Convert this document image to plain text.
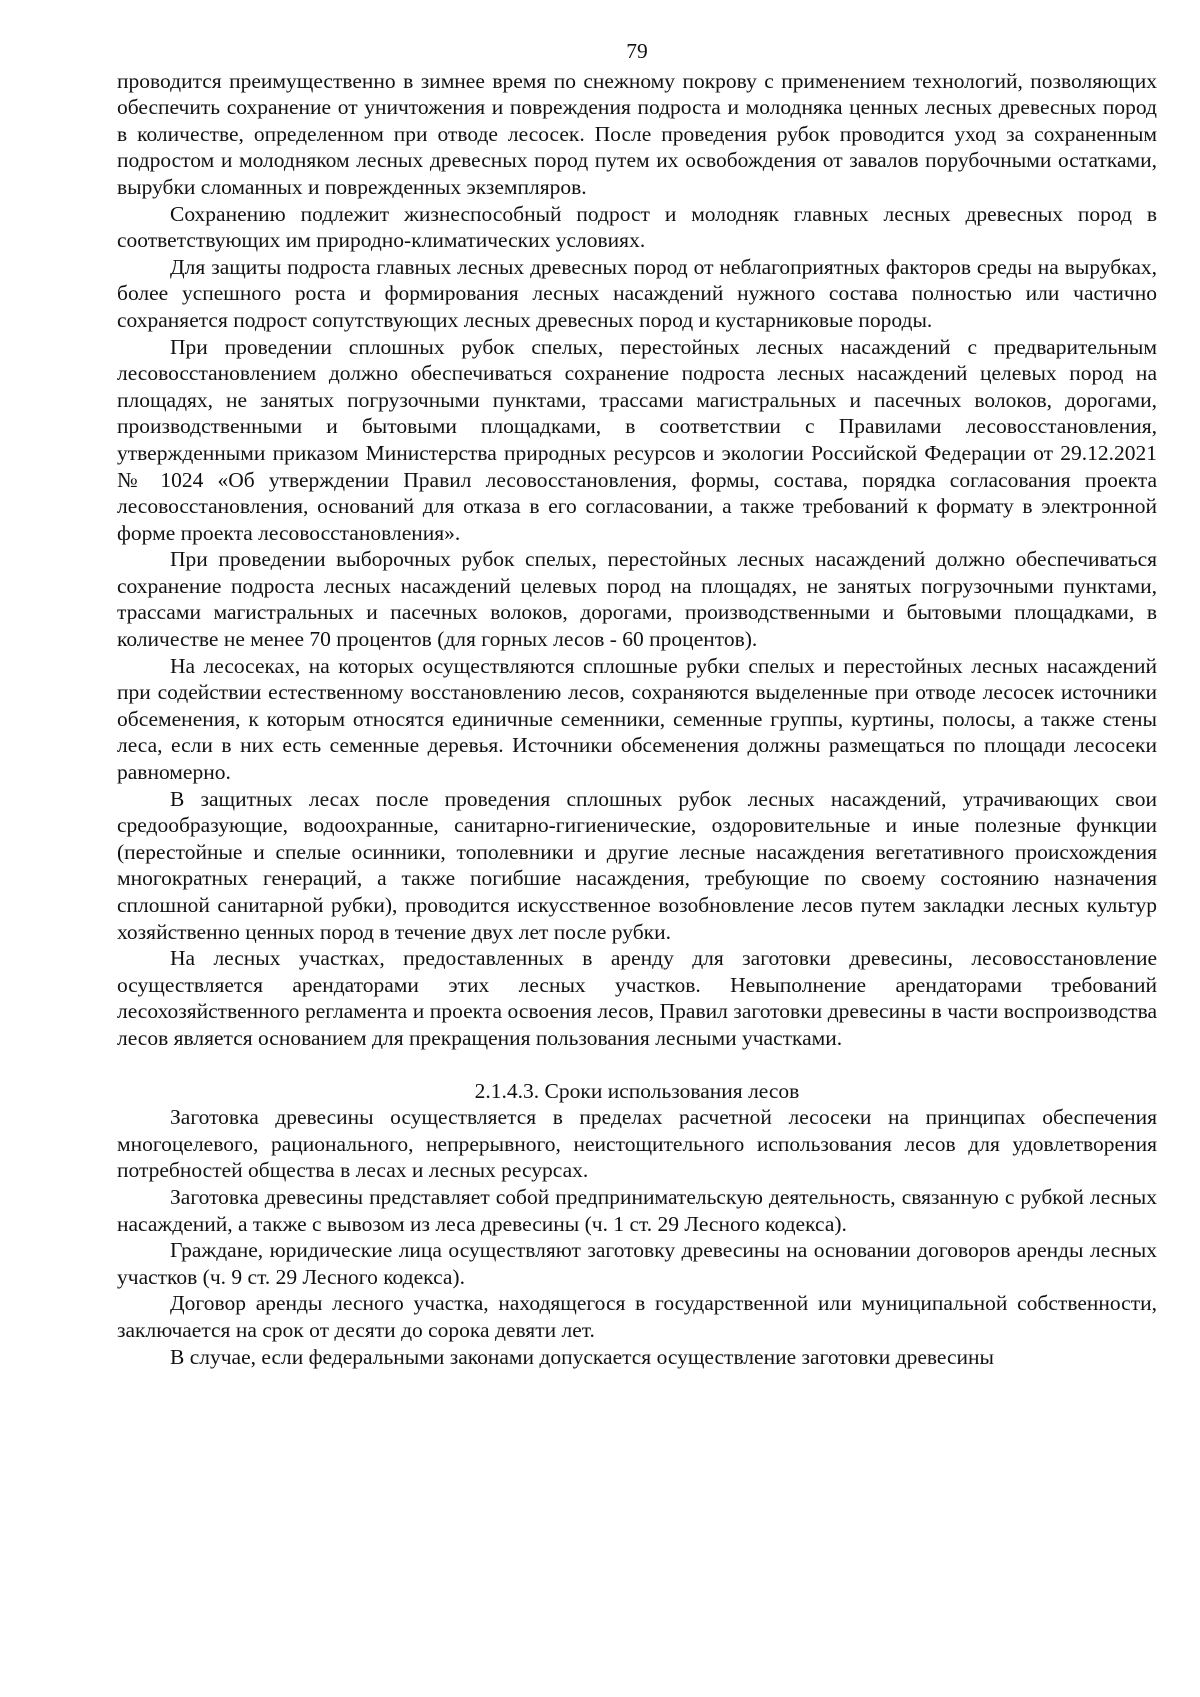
79

проводится преимущественно в зимнее время по снежному покрову с применением технологий, позволяющих обеспечить сохранение от уничтожения и повреждения подроста и молодняка ценных лесных древесных пород в количестве, определенном при отводе лесосек. После проведения рубок проводится уход за сохраненным подростом и молодняком лесных древесных пород путем их освобождения от завалов порубочными остатками, вырубки сломанных и поврежденных экземпляров.

Сохранению подлежит жизнеспособный подрост и молодняк главных лесных древесных пород в соответствующих им природно-климатических условиях.

Для защиты подроста главных лесных древесных пород от неблагоприятных факторов среды на вырубках, более успешного роста и формирования лесных насаждений нужного состава полностью или частично сохраняется подрост сопутствующих лесных древесных пород и кустарниковые породы.

При проведении сплошных рубок спелых, перестойных лесных насаждений с предварительным лесовосстановлением должно обеспечиваться сохранение подроста лесных насаждений целевых пород на площадях, не занятых погрузочными пунктами, трассами магистральных и пасечных волоков, дорогами, производственными и бытовыми площадками, в соответствии с Правилами лесовосстановления, утвержденными приказом Министерства природных ресурсов и экологии Российской Федерации от 29.12.2021 № 1024 «Об утверждении Правил лесовосстановления, формы, состава, порядка согласования проекта лесовосстановления, оснований для отказа в его согласовании, а также требований к формату в электронной форме проекта лесовосстановления».

При проведении выборочных рубок спелых, перестойных лесных насаждений должно обеспечиваться сохранение подроста лесных насаждений целевых пород на площадях, не занятых погрузочными пунктами, трассами магистральных и пасечных волоков, дорогами, производственными и бытовыми площадками, в количестве не менее 70 процентов (для горных лесов - 60 процентов).

На лесосеках, на которых осуществляются сплошные рубки спелых и перестойных лесных насаждений при содействии естественному восстановлению лесов, сохраняются выделенные при отводе лесосек источники обсеменения, к которым относятся единичные семенники, семенные группы, куртины, полосы, а также стены леса, если в них есть семенные деревья. Источники обсеменения должны размещаться по площади лесосеки равномерно.

В защитных лесах после проведения сплошных рубок лесных насаждений, утрачивающих свои средообразующие, водоохранные, санитарно-гигиенические, оздоровительные и иные полезные функции (перестойные и спелые осинники, тополевники и другие лесные насаждения вегетативного происхождения многократных генераций, а также погибшие насаждения, требующие по своему состоянию назначения сплошной санитарной рубки), проводится искусственное возобновление лесов путем закладки лесных культур хозяйственно ценных пород в течение двух лет после рубки.

На лесных участках, предоставленных в аренду для заготовки древесины, лесовосстановление осуществляется арендаторами этих лесных участков. Невыполнение арендаторами требований лесохозяйственного регламента и проекта освоения лесов, Правил заготовки древесины в части воспроизводства лесов является основанием для прекращения пользования лесными участками.

2.1.4.3. Сроки использования лесов

Заготовка древесины осуществляется в пределах расчетной лесосеки на принципах обеспечения многоцелевого, рационального, непрерывного, неистощительного использования лесов для удовлетворения потребностей общества в лесах и лесных ресурсах.

Заготовка древесины представляет собой предпринимательскую деятельность, связанную с рубкой лесных насаждений, а также с вывозом из леса древесины (ч. 1 ст. 29 Лесного кодекса).

Граждане, юридические лица осуществляют заготовку древесины на основании договоров аренды лесных участков (ч. 9 ст. 29 Лесного кодекса).

Договор аренды лесного участка, находящегося в государственной или муниципальной собственности, заключается на срок от десяти до сорока девяти лет.

В случае, если федеральными законами допускается осуществление заготовки древесины
